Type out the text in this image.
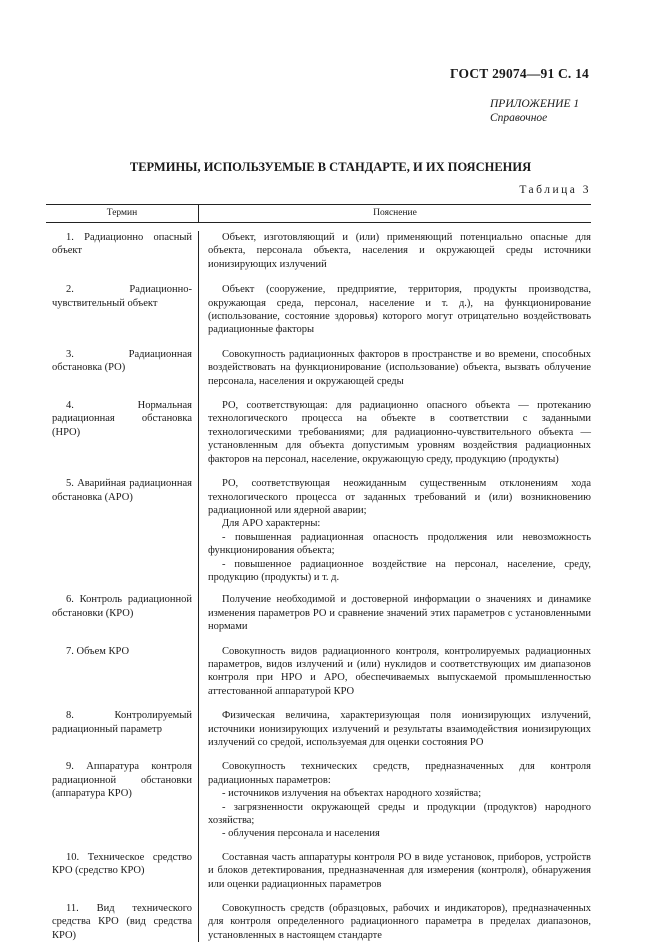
ГОСТ 29074—91 С. 14
ПРИЛОЖЕНИЕ 1
Справочное
ТЕРМИНЫ, ИСПОЛЬЗУЕМЫЕ В СТАНДАРТЕ, И ИХ ПОЯСНЕНИЯ
Таблица 3
Термин	Пояснение
1. Радиационно опасный объект

Объект, изготовляющий и (или) применяющий потенциально опасные для объекта, персонала объекта, населения и окружающей среды источники ионизирующих излучений

2. Радиационно-чувствительный объект

Объект (сооружение, предприятие, территория, продукты производства, окружающая среда, персонал, население и т. д.), на функционирование (использование, состояние здоровья) которого могут отрицательно воздействовать радиационные факторы

3. Радиационная обстановка (РО)

Совокупность радиационных факторов в пространстве и во времени, способных воздействовать на функционирование (использование) объекта, вызвать облучение персонала, населения и окружающей среды

4. Нормальная радиационная обстановка (НРО)

РО, соответствующая: для радиационно опасного объекта — протеканию технологического процесса на объекте в соответствии с заданными технологическими требованиями; для радиационно-чувствительного объекта — установленным для объекта допустимым уровням воздействия радиационных факторов на персонал, население, окружающую среду, продукцию (продукты)

5. Аварийная радиационная обстановка (АРО)

РО, соответствующая неожиданным существенным отклонениям хода технологического процесса от заданных требований и (или) возникновению радиационной или ядерной аварии;

Для АРО характерны:

- повышенная радиационная опасность продолжения или невозможность функционирования объекта;

- повышенное радиационное воздействие на персонал, население, среду, продукцию (продукты) и т. д.

6. Контроль радиационной обстановки (КРО)

Получение необходимой и достоверной информации о значениях и динамике изменения параметров РО и сравнение значений этих параметров с установленными нормами

7. Объем КРО	Совокупность видов радиационного контроля, контролируемых радиационных параметров, видов излучений и (или) нуклидов и соответствующих им диапазонов контроля при НРО и АРО, обеспечиваемых выпускаемой промышленностью аттестованной аппаратурой КРО

8. Контролируемый радиационный параметр

Физическая величина, характеризующая поля ионизирующих излучений, источники ионизирующих излучений и результаты взаимодействия ионизирующих излучений со средой, используемая для оценки состояния РО

9. Аппаратура контроля радиационной обстановки (аппаратура КРО)

Совокупность технических средств, предназначенных для контроля радиационных параметров:

- источников излучения на объектах народного хозяйства;

- загрязненности окружающей среды и продукции (продуктов) народного хозяйства;

- облучения персонала и населения

10. Техническое средство КРО (средство КРО)

Составная часть аппаратуры контроля РО в виде установок, приборов, устройств и блоков детектирования, предназначенная для измерения (контроля), обнаружения или оценки радиационных параметров

11. Вид технического средства КРО (вид средства КРО)

Совокупность средств (образцовых, рабочих и индикаторов), предназначенных для контроля определенного радиационного параметра в пределах диапазонов, установленных в настоящем стандарте
